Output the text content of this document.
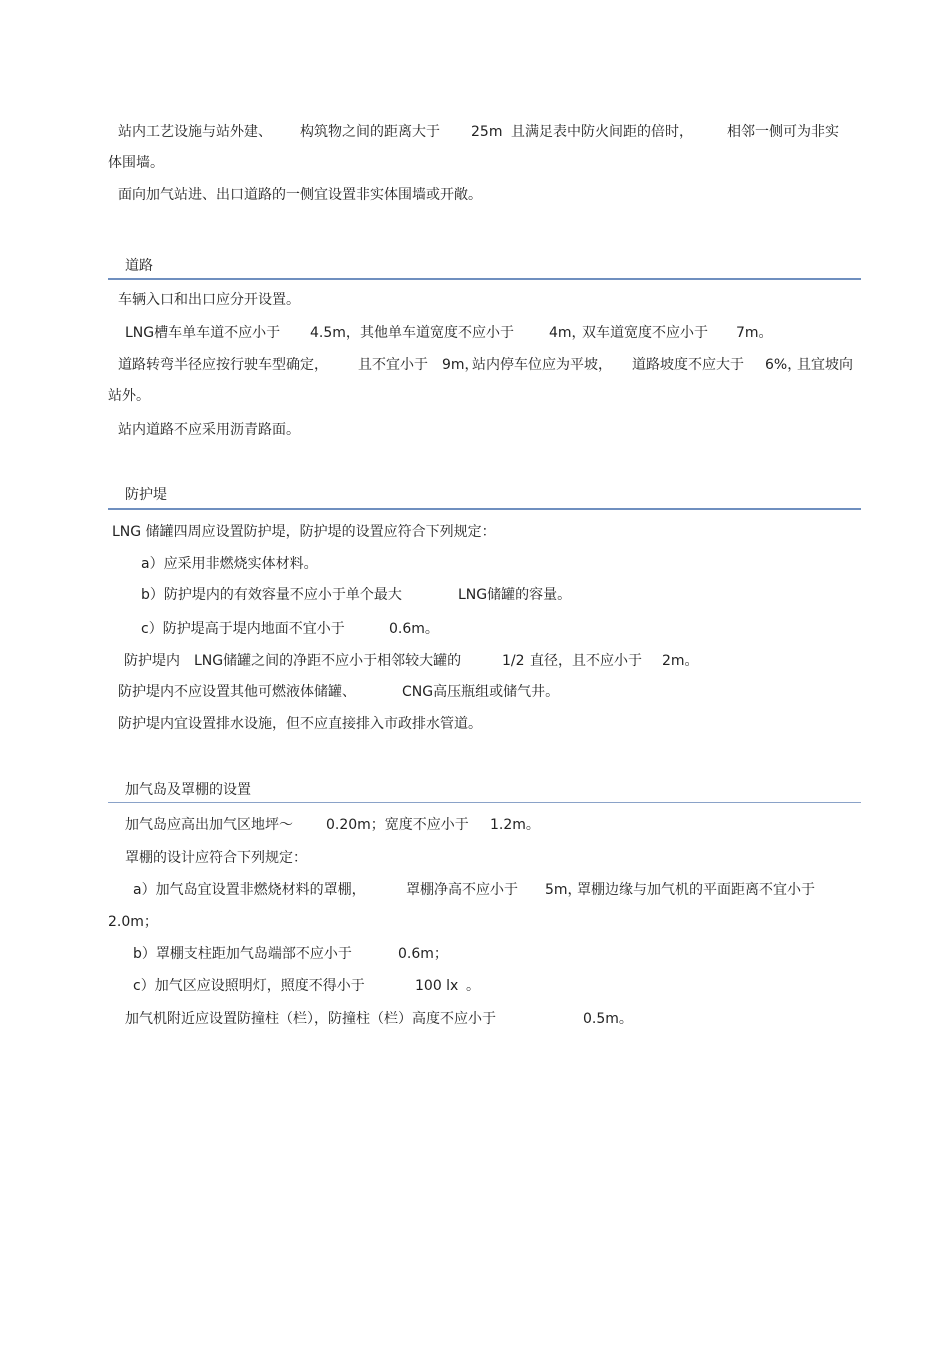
站内工艺设施与站外建、 构筑物之间的距离大于 25m 且满足表中防火间距的倍时， 相邻一侧可为非实
体围墙。
面向加气站进、出口道路的一侧宜设置非实体围墙或开敞。
道路
车辆入口和出口应分开设置。
LNG槽车单车道不应小于 4.5m， 其他单车道宽度不应小于	4m，
双车道宽度不应小于 7m。
道路转弯半径应按行驶车型确定， 且不宜小于 9m，
站内停车位应为平坡， 道路坡度不应大于 6%，
且宜坡向
站外。
站内道路不应采用沥青路面。
防护堤
LNG 储罐四周应设置防护堤，防护堤的设置应符合下列规定：
a）应采用非燃烧实体材料。
b）防护堤内的有效容量不应小于单个最大	LNG储罐的容量。
c）防护堤高于堤内地面不宜小于	0.6m。
防护堤内 LNG储罐之间的净距不应小于相邻较大罐的	1/2 直径，且不应小于 2m。
防护堤内不应设置其他可燃液体储罐、	CNG高压瓶组或储气井。
防护堤内宜设置排水设施，但不应直接排入市政排水管道。
加气岛及罩棚的设置
加气岛应高出加气区地坪～ 0.20m；宽度不应小于 1.2m。
罩棚的设计应符合下列规定：
a）加气岛宜设置非燃烧材料的罩棚，	罩棚净高不应小于 5m，
罩棚边缘与加气机的平面距离不宜小于
2.0m；
b）罩棚支柱距加气岛端部不应小于	0.6m；
c）加气区应设照明灯，照度不得小于	100 lx 。
加气机附近应设置防撞柱（栏），防撞柱（栏）高度不应小于	0.5m。
